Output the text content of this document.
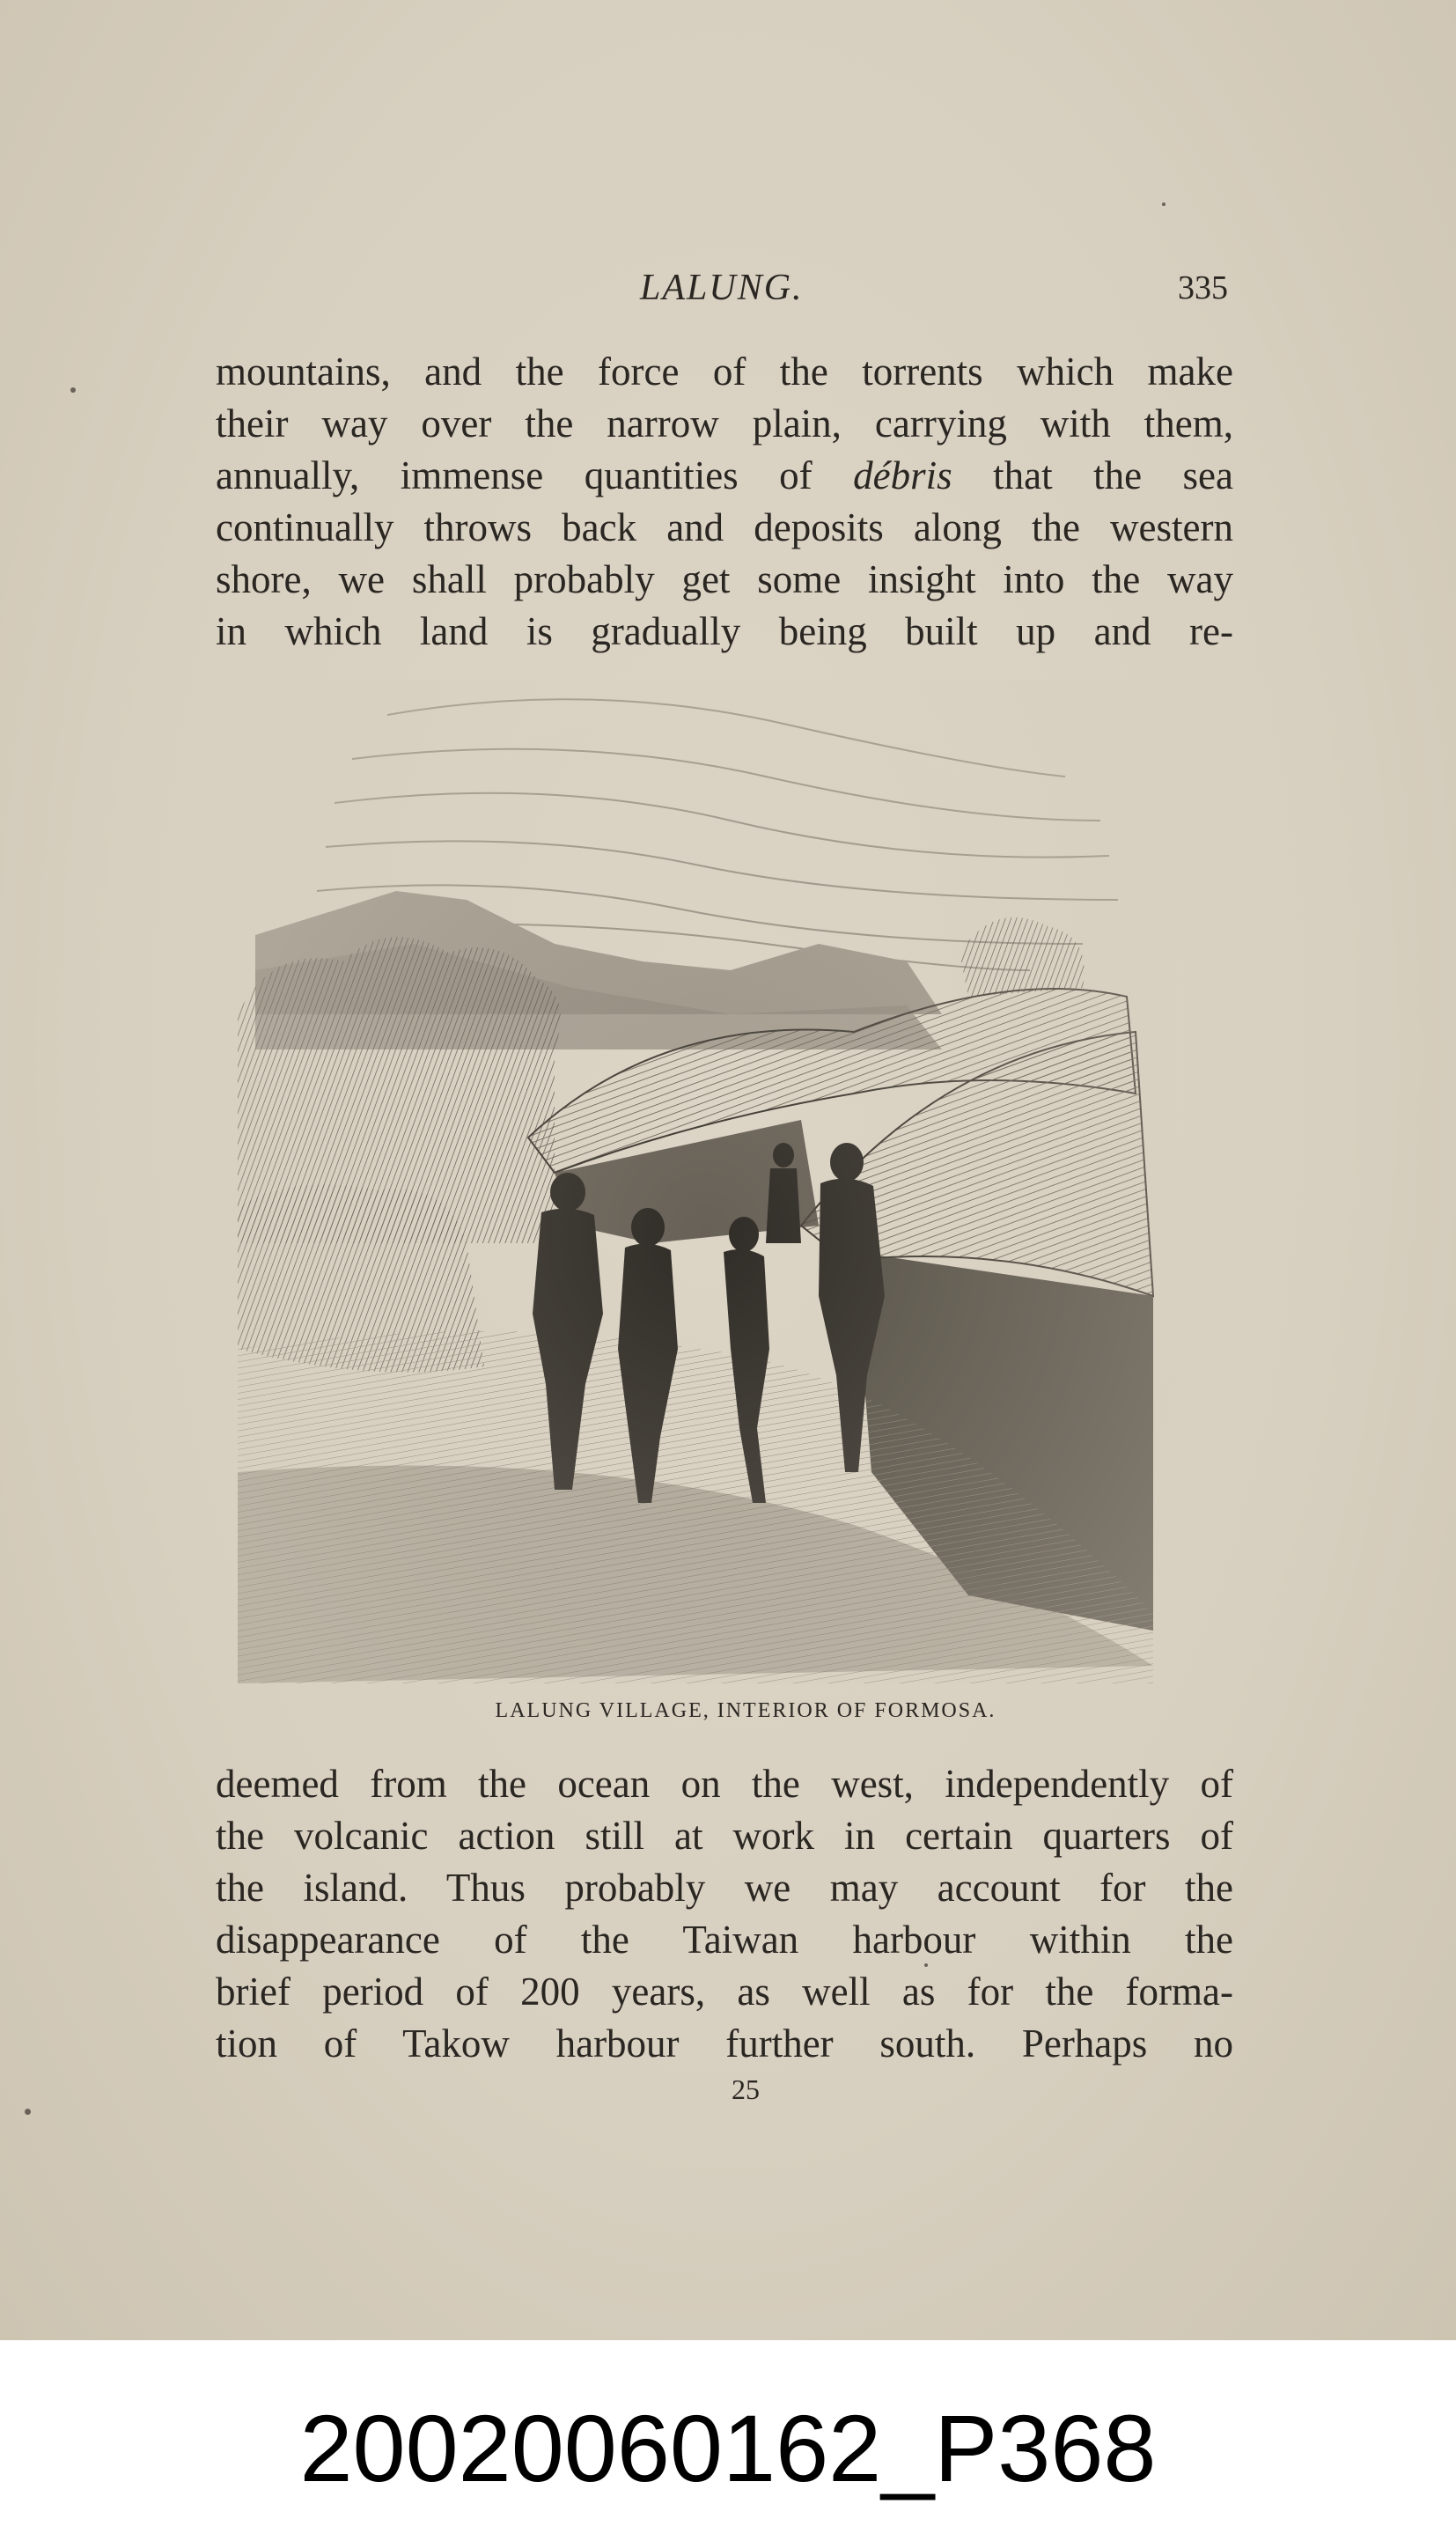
LALUNG.	335
mountains, and the force of the torrents which make
their way over the narrow plain, carrying with them,
annually, immense quantities of débris that the sea
continually throws back and deposits along the western
shore, we shall probably get some insight into the way
in which land is gradually being built up and re-
LALUNG VILLAGE, INTERIOR OF FORMOSA.
deemed from the ocean on the west, independently of
the volcanic action still at work in certain quarters of
the island. Thus probably we may account for the
disappearance of the Taiwan harbour within the
brief period of 200 years, as well as for the forma-
tion of Takow harbour further south. Perhaps no
25
20020060162_P368
